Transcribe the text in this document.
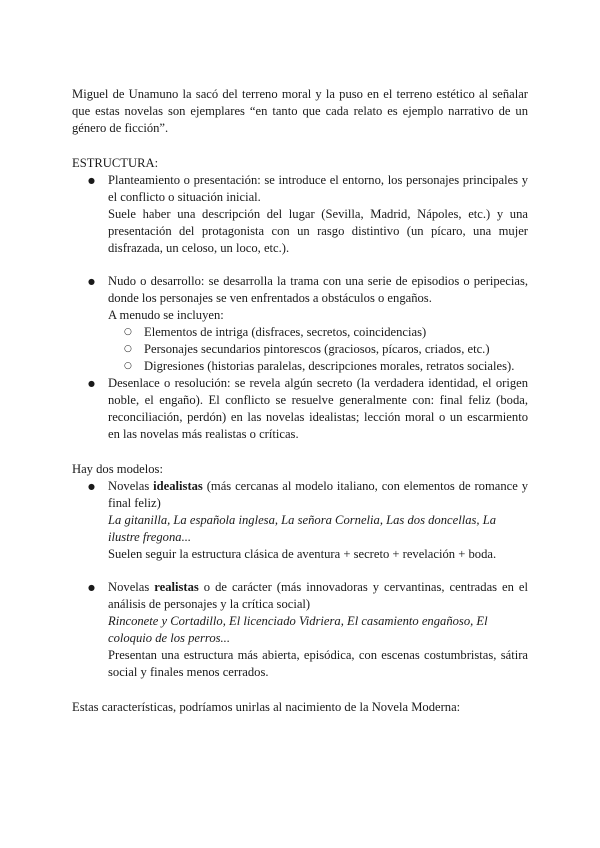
Miguel de Unamuno la sacó del terreno moral y la puso en el terreno estético al señalar que estas novelas son ejemplares “en tanto que cada relato es ejemplo narrativo de un género de ficción”.

ESTRUCTURA:

● Planteamiento o presentación: se introduce el entorno, los personajes principales y el conflicto o situación inicial.

Suele haber una descripción del lugar (Sevilla, Madrid, Nápoles, etc.) y una presentación del protagonista con un rasgo distintivo (un pícaro, una mujer disfrazada, un celoso, un loco, etc.).

● Nudo o desarrollo: se desarrolla la trama con una serie de episodios o peripecias, donde los personajes se ven enfrentados a obstáculos o engaños.

A menudo se incluyen:

○ Elementos de intriga (disfraces, secretos, coincidencias)
○ Personajes secundarios pintorescos (graciosos, pícaros, criados, etc.)
○ Digresiones (historias paralelas, descripciones morales, retratos sociales).

● Desenlace o resolución: se revela algún secreto (la verdadera identidad, el origen noble, el engaño). El conflicto se resuelve generalmente con: final feliz (boda, reconciliación, perdón) en las novelas idealistas; lección moral o un escarmiento en las novelas más realistas o críticas.

Hay dos modelos:

● Novelas idealistas (más cercanas al modelo italiano, con elementos de romance y final feliz)

La gitanilla, La española inglesa, La señora Cornelia, Las dos doncellas, La ilustre fregona...

Suelen seguir la estructura clásica de aventura + secreto + revelación + boda.

● Novelas realistas o de carácter (más innovadoras y cervantinas, centradas en el análisis de personajes y la crítica social)

Rinconete y Cortadillo, El licenciado Vidriera, El casamiento engañoso, El coloquio de los perros...

Presentan una estructura más abierta, episódica, con escenas costumbristas, sátira social y finales menos cerrados.

Estas características, podríamos unirlas al nacimiento de la Novela Moderna:
